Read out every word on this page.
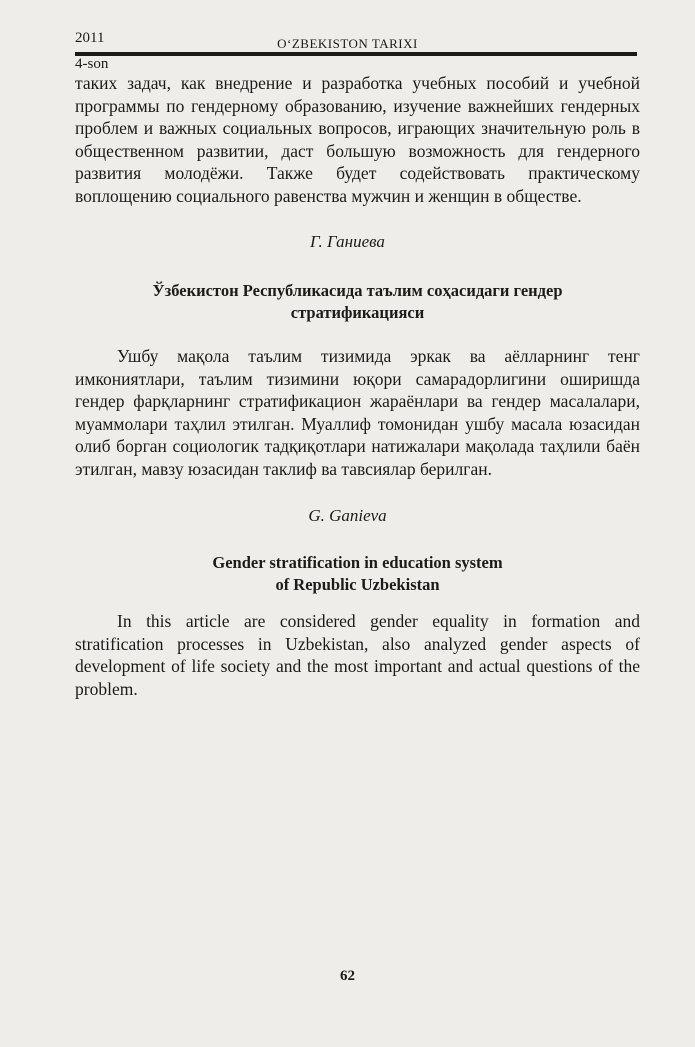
2011	O‘ZBEKISTON TARIXI
4-son

таких задач, как внедрение и разработка учебных пособий и учебной программы по гендерному образованию, изучение важнейших гендерных проблем и важных социальных вопросов, играющих значительную роль в общественном развитии, даст большую возможность для гендерного развития молодёжи. Также будет содействовать практическому воплощению социального равенства мужчин и женщин в обществе.

Г. Ганиева

Ўзбекистон Республикасида таълим соҳасидаги гендер
стратификацияси

Ушбу мақола таълим тизимида эркак ва аёлларнинг тенг имкониятлари, таълим тизимини юқори самарадорлигини оширишда гендер фарқларнинг стратификацион жараёнлари ва гендер масалалари, муаммолари таҳлил этилган. Муаллиф томонидан ушбу масала юзасидан олиб борган социологик тадқиқотлари натижалари мақолада таҳлили баён этилган, мавзу юзасидан таклиф ва тавсиялар берилган.

G. Ganieva

Gender stratification in education system
of Republic Uzbekistan

In this article are considered gender equality in formation and stratification processes in Uzbekistan, also analyzed gender aspects of development of life society and the most important and actual questions of the problem.

62
